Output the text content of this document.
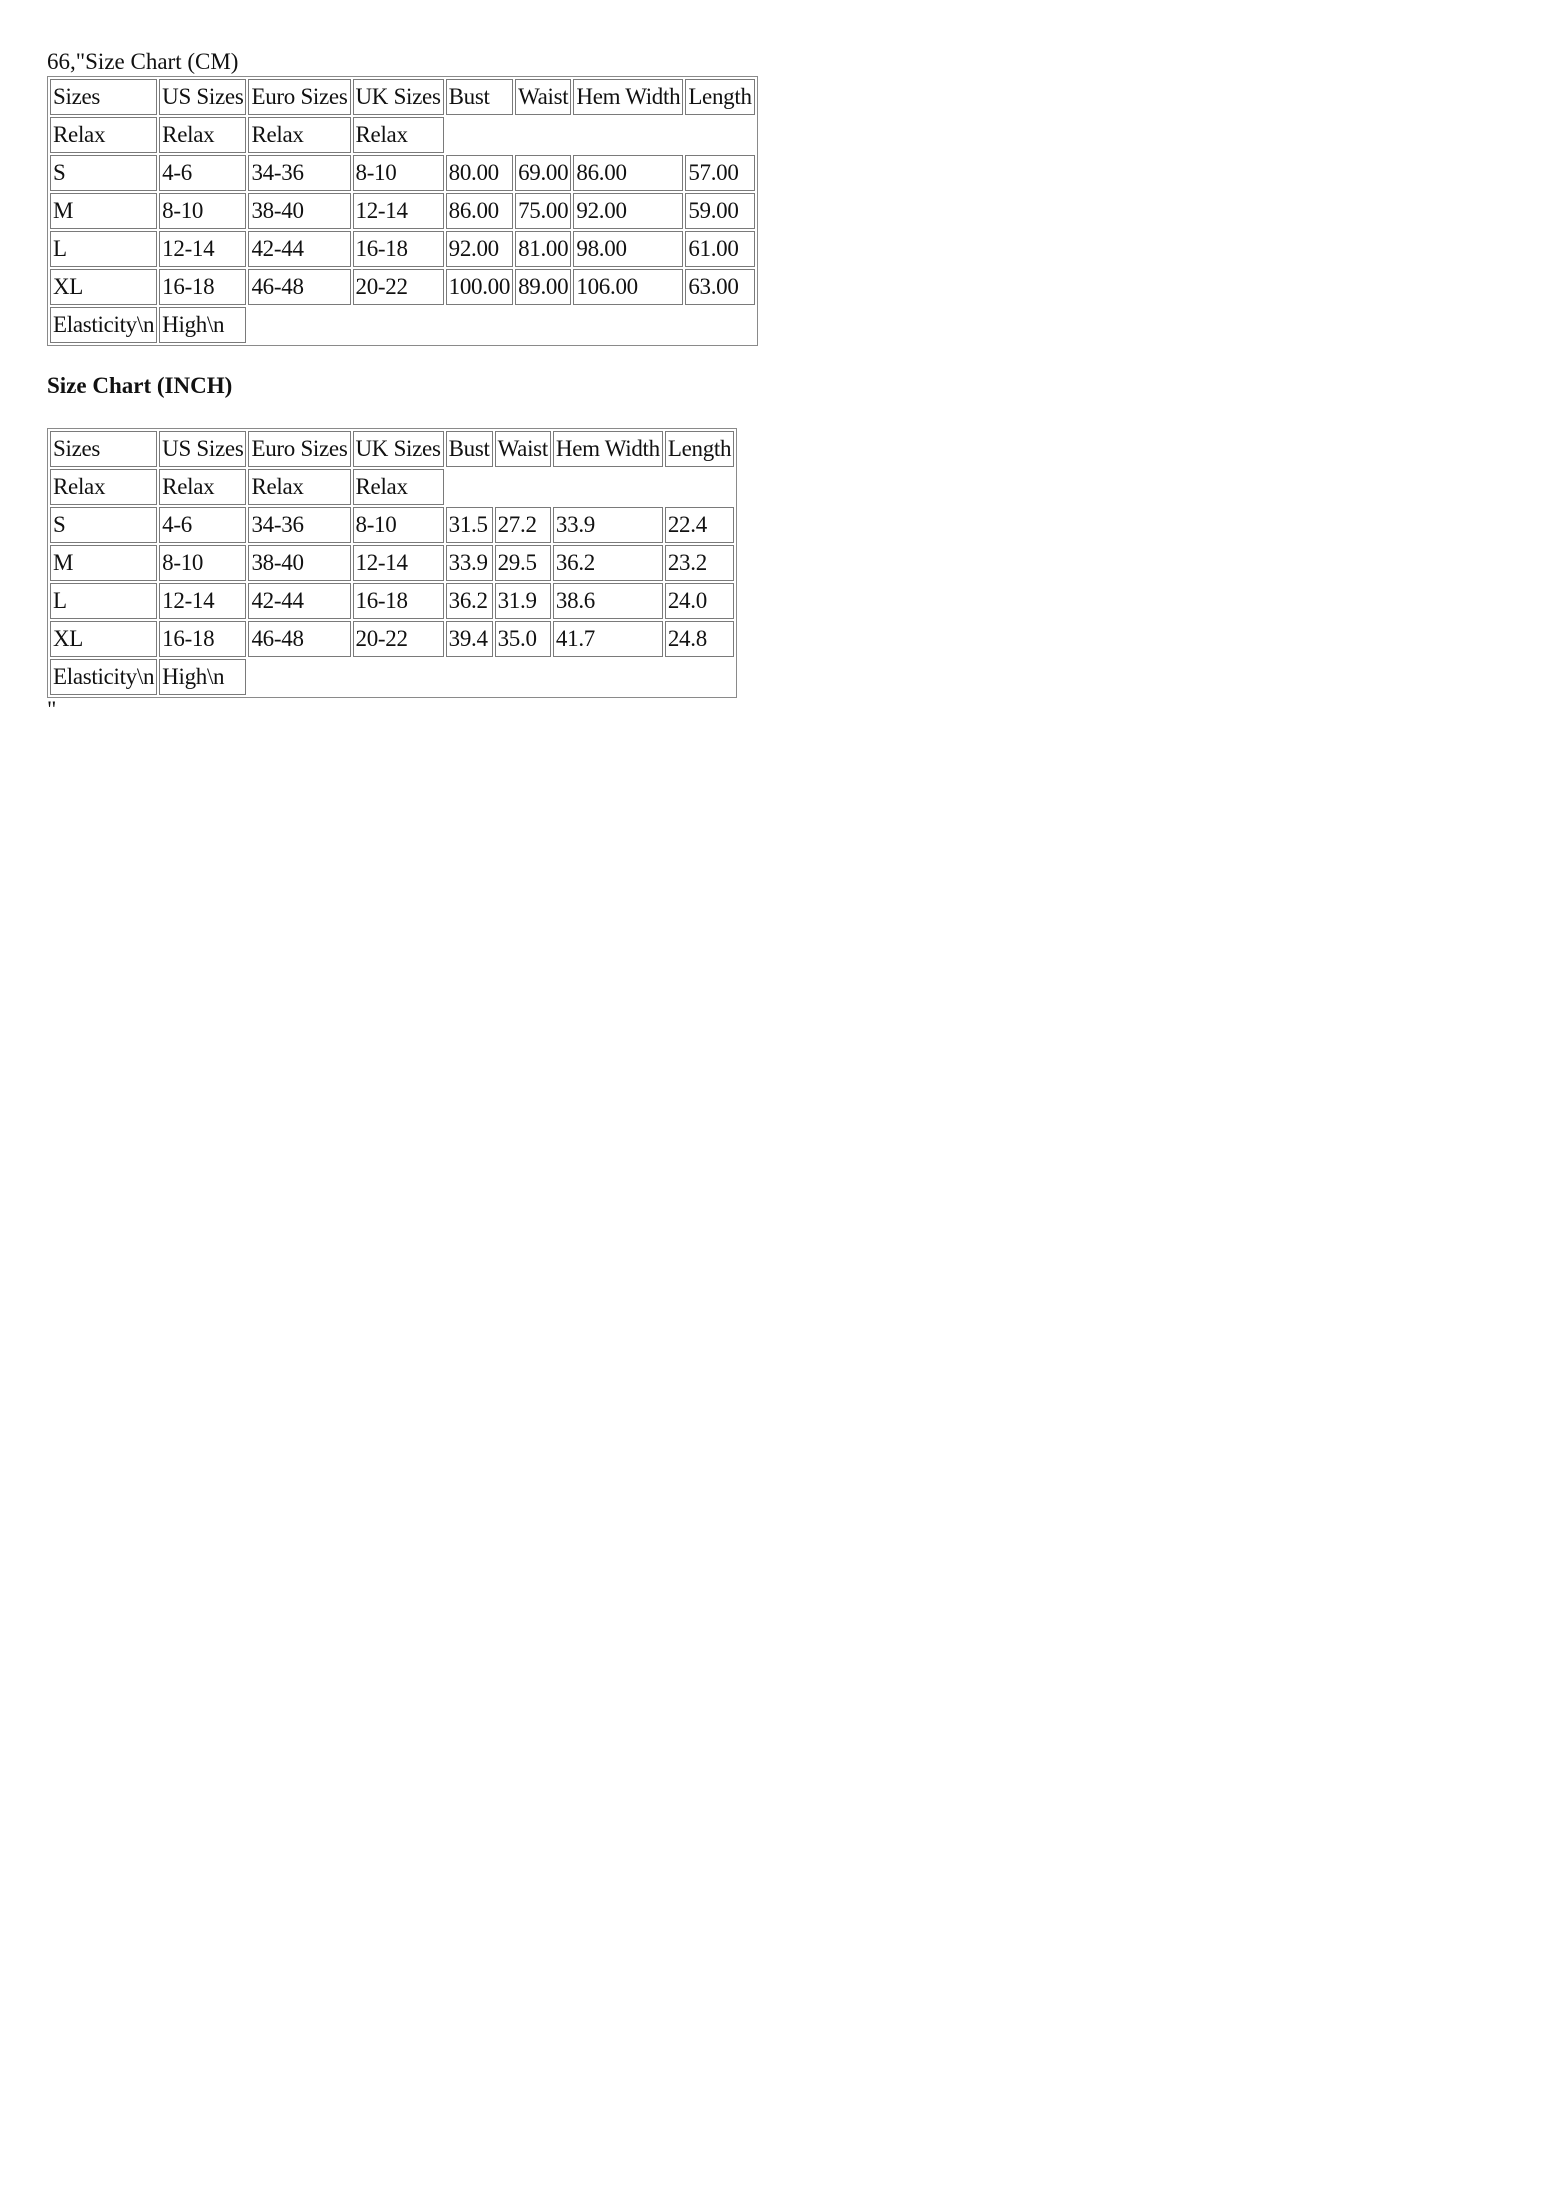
66,"Size Chart (CM)
Sizes	US Sizes	Euro Sizes	UK Sizes	Bust	Waist	Hem Width	Length
Relax	Relax	Relax	Relax				
S	4-6	34-36	8-10	80.00	69.00	86.00	57.00
M	8-10	38-40	12-14	86.00	75.00	92.00	59.00
L	12-14	42-44	16-18	92.00	81.00	98.00	61.00
XL	16-18	46-48	20-22	100.00	89.00	106.00	63.00
Elasticity\n	High\n						
Size Chart (INCH)
Sizes	US Sizes	Euro Sizes	UK Sizes	Bust	Waist	Hem Width	Length
Relax	Relax	Relax	Relax				
S	4-6	34-36	8-10	31.5	27.2	33.9	22.4
M	8-10	38-40	12-14	33.9	29.5	36.2	23.2
L	12-14	42-44	16-18	36.2	31.9	38.6	24.0
XL	16-18	46-48	20-22	39.4	35.0	41.7	24.8
Elasticity\n	High\n						
"
